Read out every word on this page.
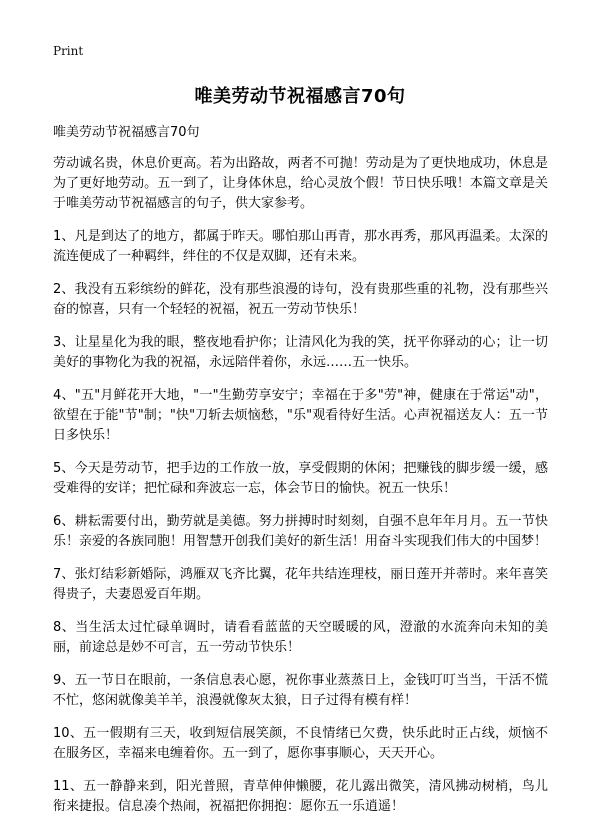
Print
唯美劳动节祝福感言70句
唯美劳动节祝福感言70句

劳动诚名贵，休息价更高。若为出路故，两者不可抛！劳动是为了更快地成功，休息是为了更好地劳动。五一到了，让身体休息，给心灵放个假！节日快乐哦！本篇文章是关于唯美劳动节祝福感言的句子，供大家参考。

1、凡是到达了的地方，都属于昨天。哪怕那山再青，那水再秀，那风再温柔。太深的流连便成了一种羁绊，绊住的不仅是双脚，还有未来。

2、我没有五彩缤纷的鲜花，没有那些浪漫的诗句，没有贵那些重的礼物，没有那些兴奋的惊喜，只有一个轻轻的祝福，祝五一劳动节快乐！

3、让星星化为我的眼，整夜地看护你；让清风化为我的笑，抚平你驿动的心；让一切美好的事物化为我的祝福，永远陪伴着你，永远……五一快乐。

4、"五"月鲜花开大地，"一"生勤劳享安宁；幸福在于多"劳"神，健康在于常运"动"，欲望在于能"节"制；"快"刀斩去烦恼愁，"乐"观看待好生活。心声祝福送友人：五一节日多快乐！

5、今天是劳动节，把手边的工作放一放，享受假期的休闲；把赚钱的脚步缓一缓，感受难得的安详；把忙碌和奔波忘一忘，体会节日的愉快。祝五一快乐！

6、耕耘需要付出，勤劳就是美德。努力拼搏时时刻刻，自强不息年年月月。五一节快乐！亲爱的各族同胞！用智慧开创我们美好的新生活！用奋斗实现我们伟大的中国梦！

7、张灯结彩新婚际，鸿雁双飞齐比翼，花年共结连理枝，丽日莲开并蒂时。来年喜笑得贵子，夫妻恩爱百年期。

8、当生活太过忙碌单调时，请看看蓝蓝的天空暖暖的风，澄澈的水流奔向未知的美丽，前途总是妙不可言，五一劳动节快乐！

9、五一节日在眼前，一条信息表心愿，祝你事业蒸蒸日上，金钱叮叮当当，干活不慌不忙，悠闲就像美羊羊，浪漫就像灰太狼，日子过得有模有样！

10、五一假期有三天，收到短信展笑颜，不良情绪已欠费，快乐此时正占线，烦恼不在服务区，幸福来电缠着你。五一到了，愿你事事顺心，天天开心。

11、五一静静来到，阳光普照，青草伸伸懒腰，花儿露出微笑，清风拂动树梢，鸟儿衔来捷报。信息凑个热闹，祝福把你拥抱：愿你五一乐逍遥！
